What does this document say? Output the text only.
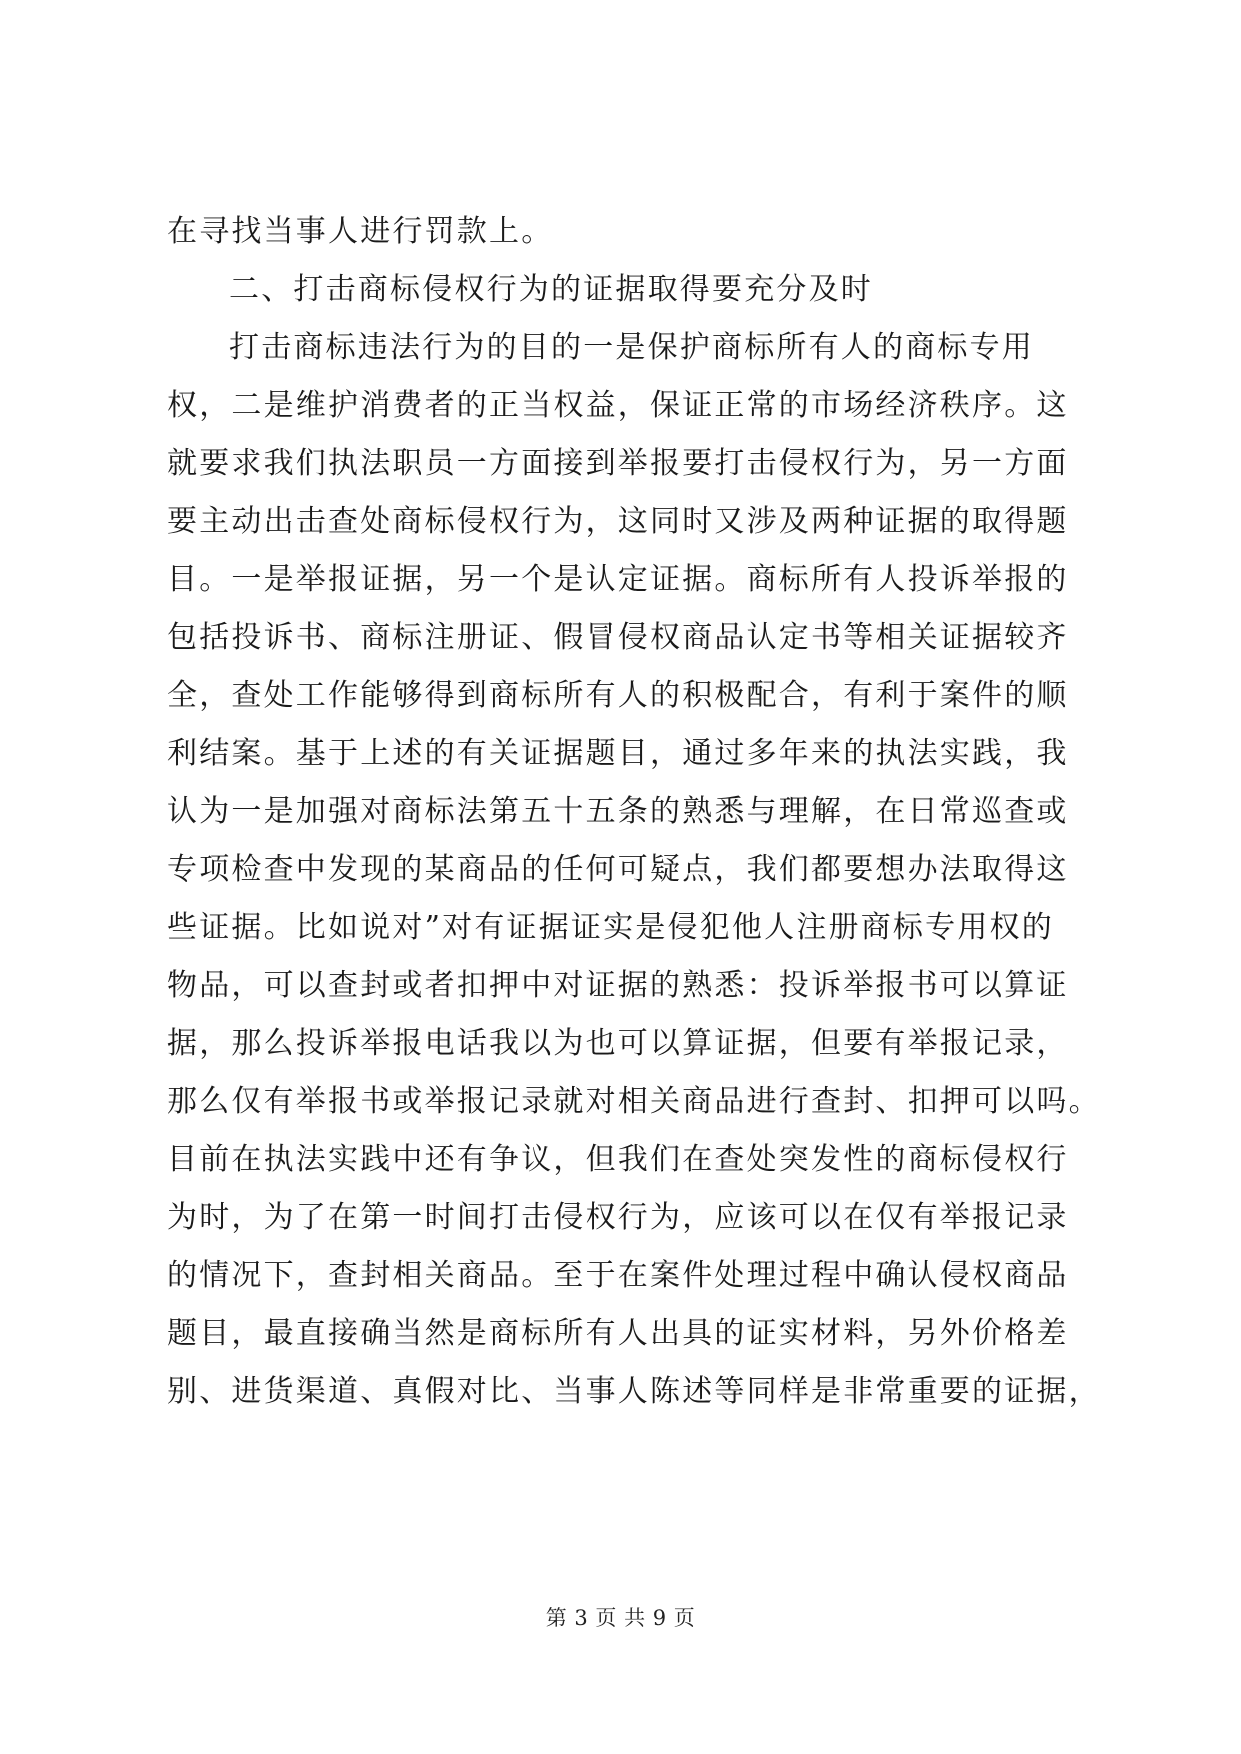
在寻找当事人进行罚款上。
二、打击商标侵权行为的证据取得要充分及时
打击商标违法行为的目的一是保护商标所有人的商标专用
权，二是维护消费者的正当权益，保证正常的市场经济秩序。这
就要求我们执法职员一方面接到举报要打击侵权行为，另一方面
要主动出击查处商标侵权行为，这同时又涉及两种证据的取得题
目。一是举报证据，另一个是认定证据。商标所有人投诉举报的
包括投诉书、商标注册证、假冒侵权商品认定书等相关证据较齐
全，查处工作能够得到商标所有人的积极配合，有利于案件的顺
利结案。基于上述的有关证据题目，通过多年来的执法实践，我
认为一是加强对商标法第五十五条的熟悉与理解，在日常巡查或
专项检查中发现的某商品的任何可疑点，我们都要想办法取得这
些证据。比如说对”对有证据证实是侵犯他人注册商标专用权的
物品，可以查封或者扣押中对证据的熟悉：投诉举报书可以算证
据，那么投诉举报电话我以为也可以算证据，但要有举报记录，
那么仅有举报书或举报记录就对相关商品进行查封、扣押可以吗。
目前在执法实践中还有争议，但我们在查处突发性的商标侵权行
为时，为了在第一时间打击侵权行为，应该可以在仅有举报记录
的情况下，查封相关商品。至于在案件处理过程中确认侵权商品
题目，最直接确当然是商标所有人出具的证实材料，另外价格差
别、进货渠道、真假对比、当事人陈述等同样是非常重要的证据，
第 3 页 共 9 页
